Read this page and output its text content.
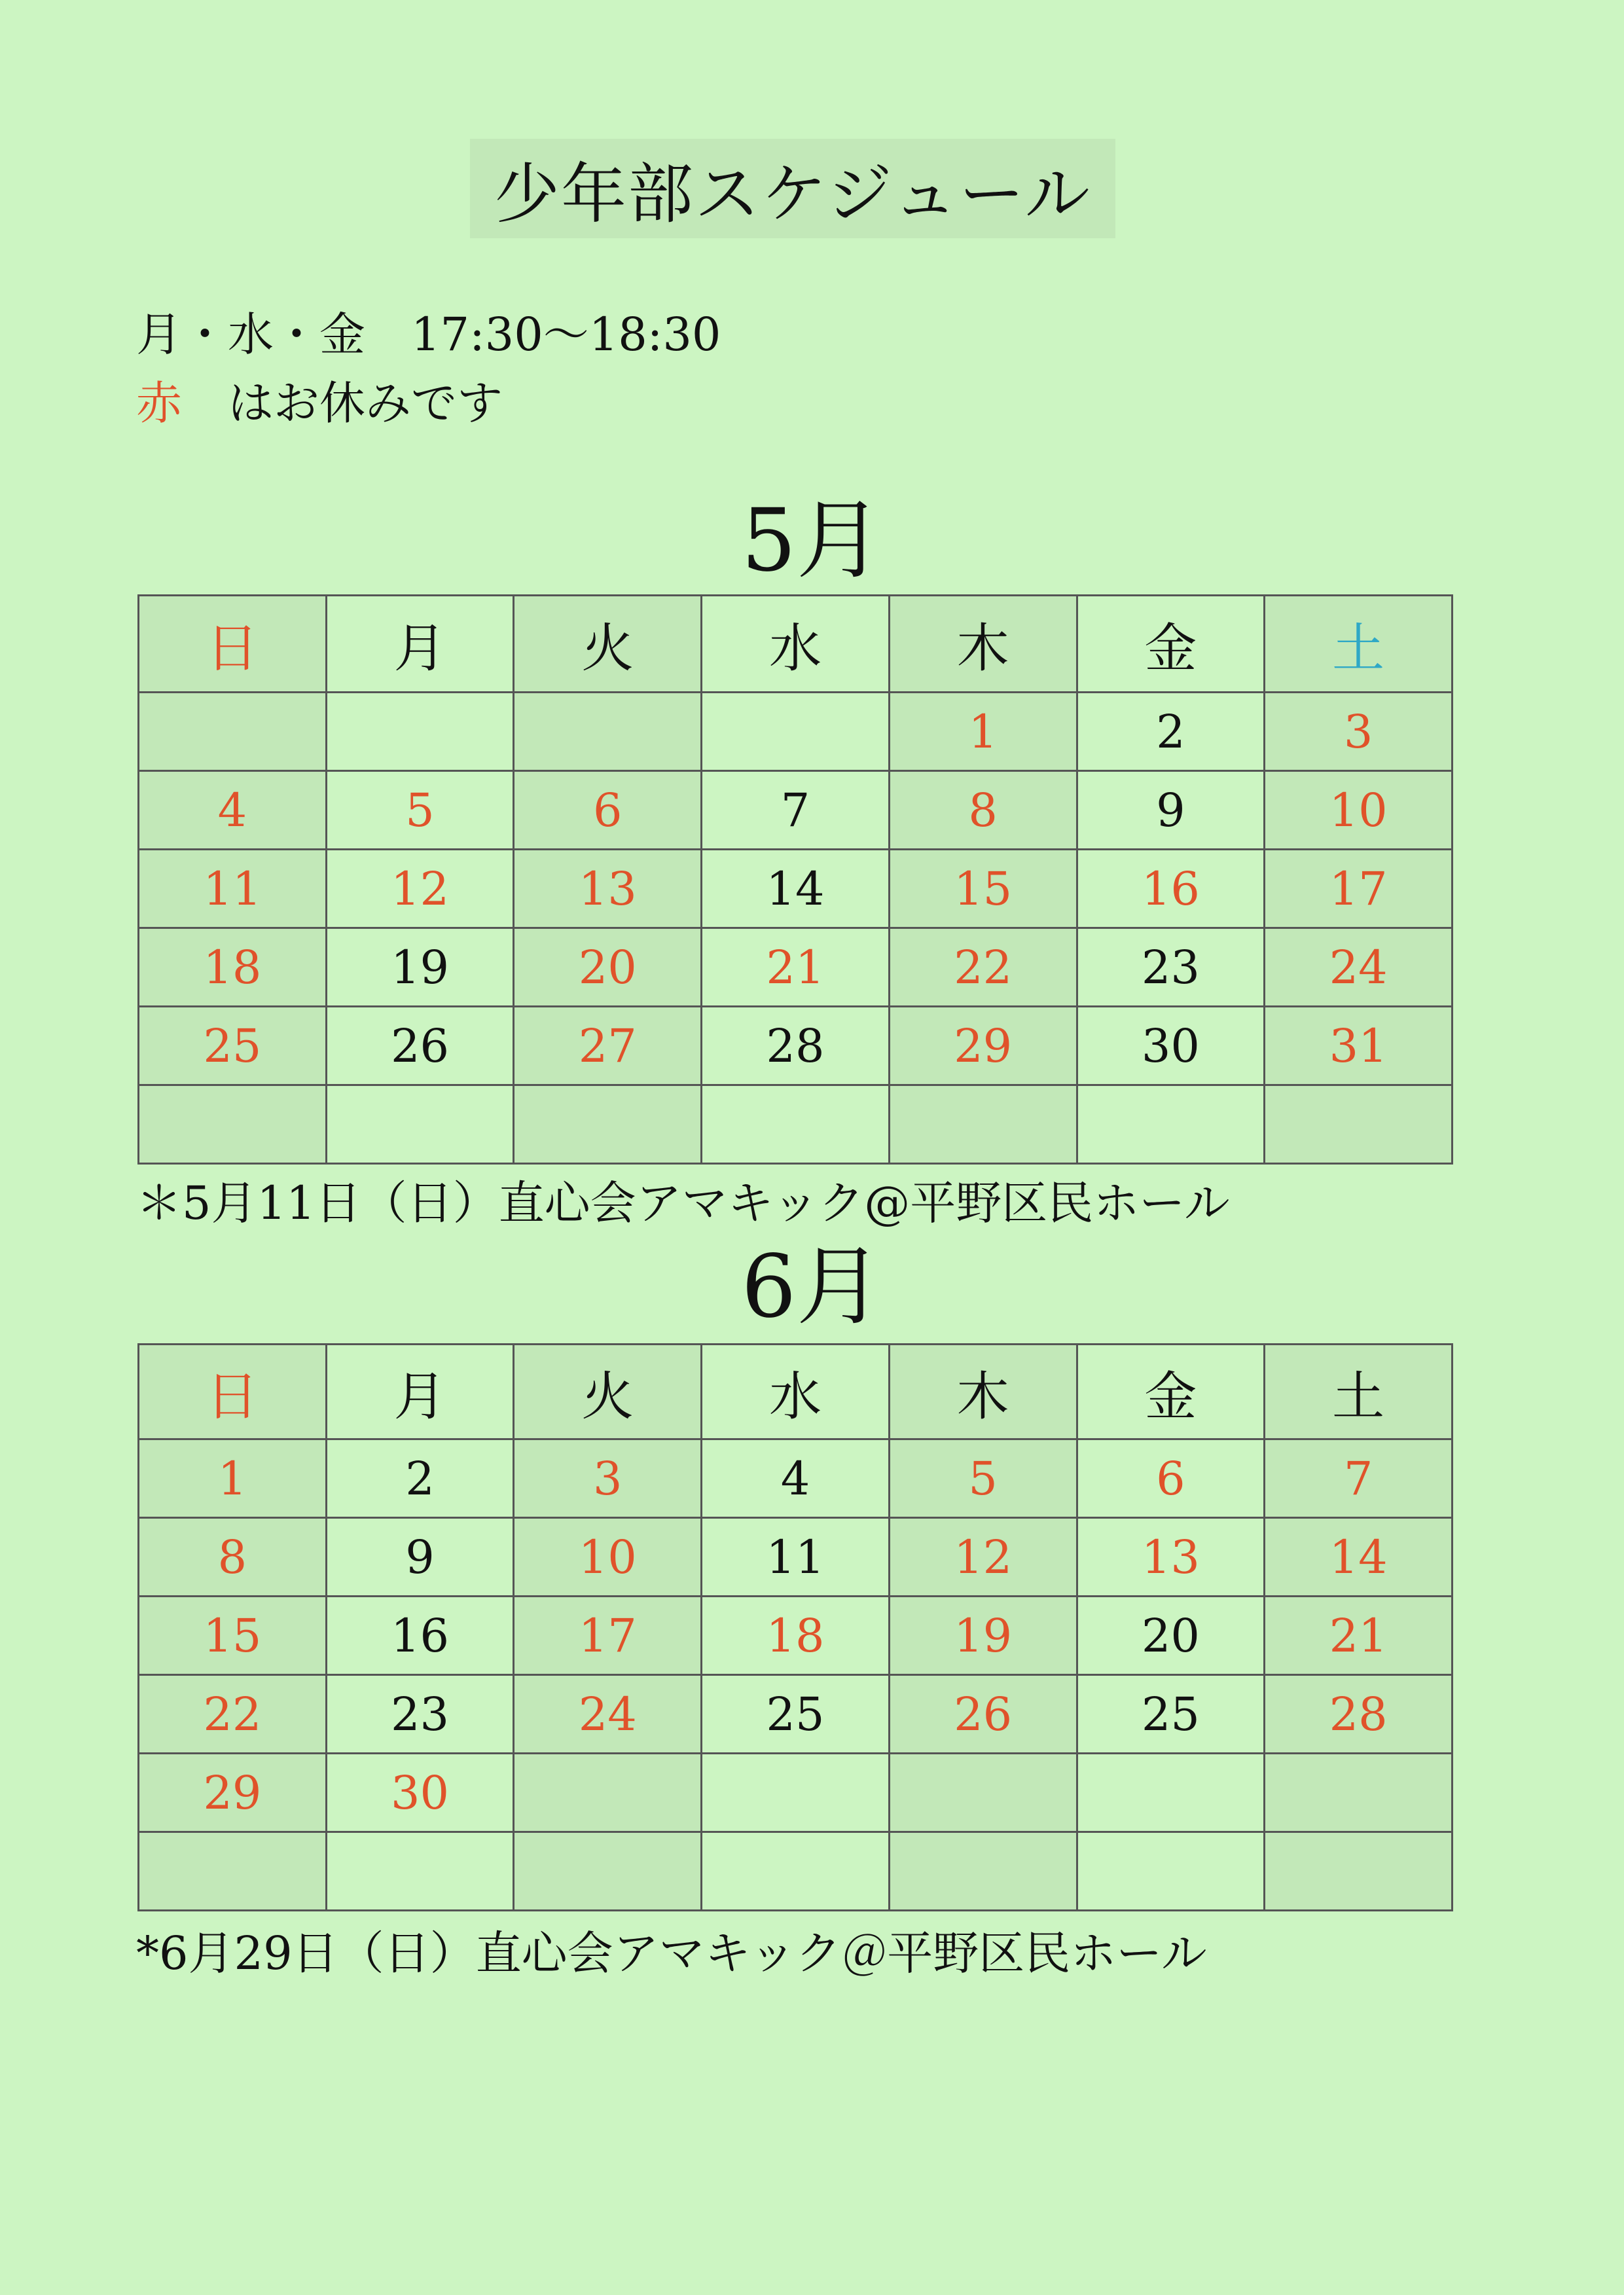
少年部スケジュール
月・水・金　17:30〜18:30
赤　はお休みです
5月
日	月	火	水	木	金	土
				1	2	3
4	5	6	7	8	9	10
11	12	13	14	15	16	17
18	19	20	21	22	23	24
25	26	27	28	29	30	31

＊5月11日（日）直心会アマキック@平野区民ホール
6月
日	月	火	水	木	金	土
1	2	3	4	5	6	7
8	9	10	11	12	13	14
15	16	17	18	19	20	21
22	23	24	25	26	25	28
29	30					

*6月29日（日）直心会アマキック＠平野区民ホール
